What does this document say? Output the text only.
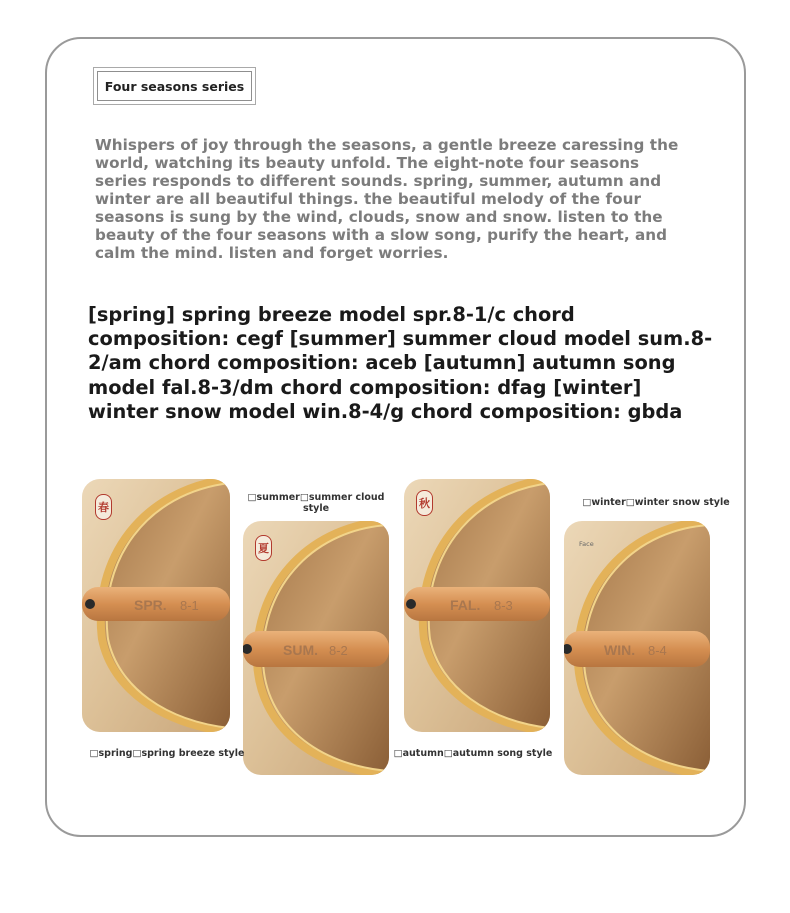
Four seasons series

Whispers of joy through the seasons, a gentle breeze caressing the world, watching its beauty unfold. The eight-note four seasons series responds to different sounds. spring, summer, autumn and winter are all beautiful things. the beautiful melody of the four seasons is sung by the wind, clouds, snow and snow. listen to the beauty of the four seasons with a slow song, purify the heart, and calm the mind. listen and forget worries.

[spring] spring breeze model spr.8-1/c chord composition: cegf [summer] summer cloud model sum.8-2/am chord composition: aceb [autumn] autumn song model fal.8-3/dm chord composition: dfag [winter] winter snow model win.8-4/g chord composition: gbda

SPR. 8-1
春
SUM. 8-2
夏
FAL. 8-3
秋
WIN. 8-4
Face
□spring□spring breeze style
□summer□summer cloud style
□autumn□autumn song style
□winter□winter snow style
